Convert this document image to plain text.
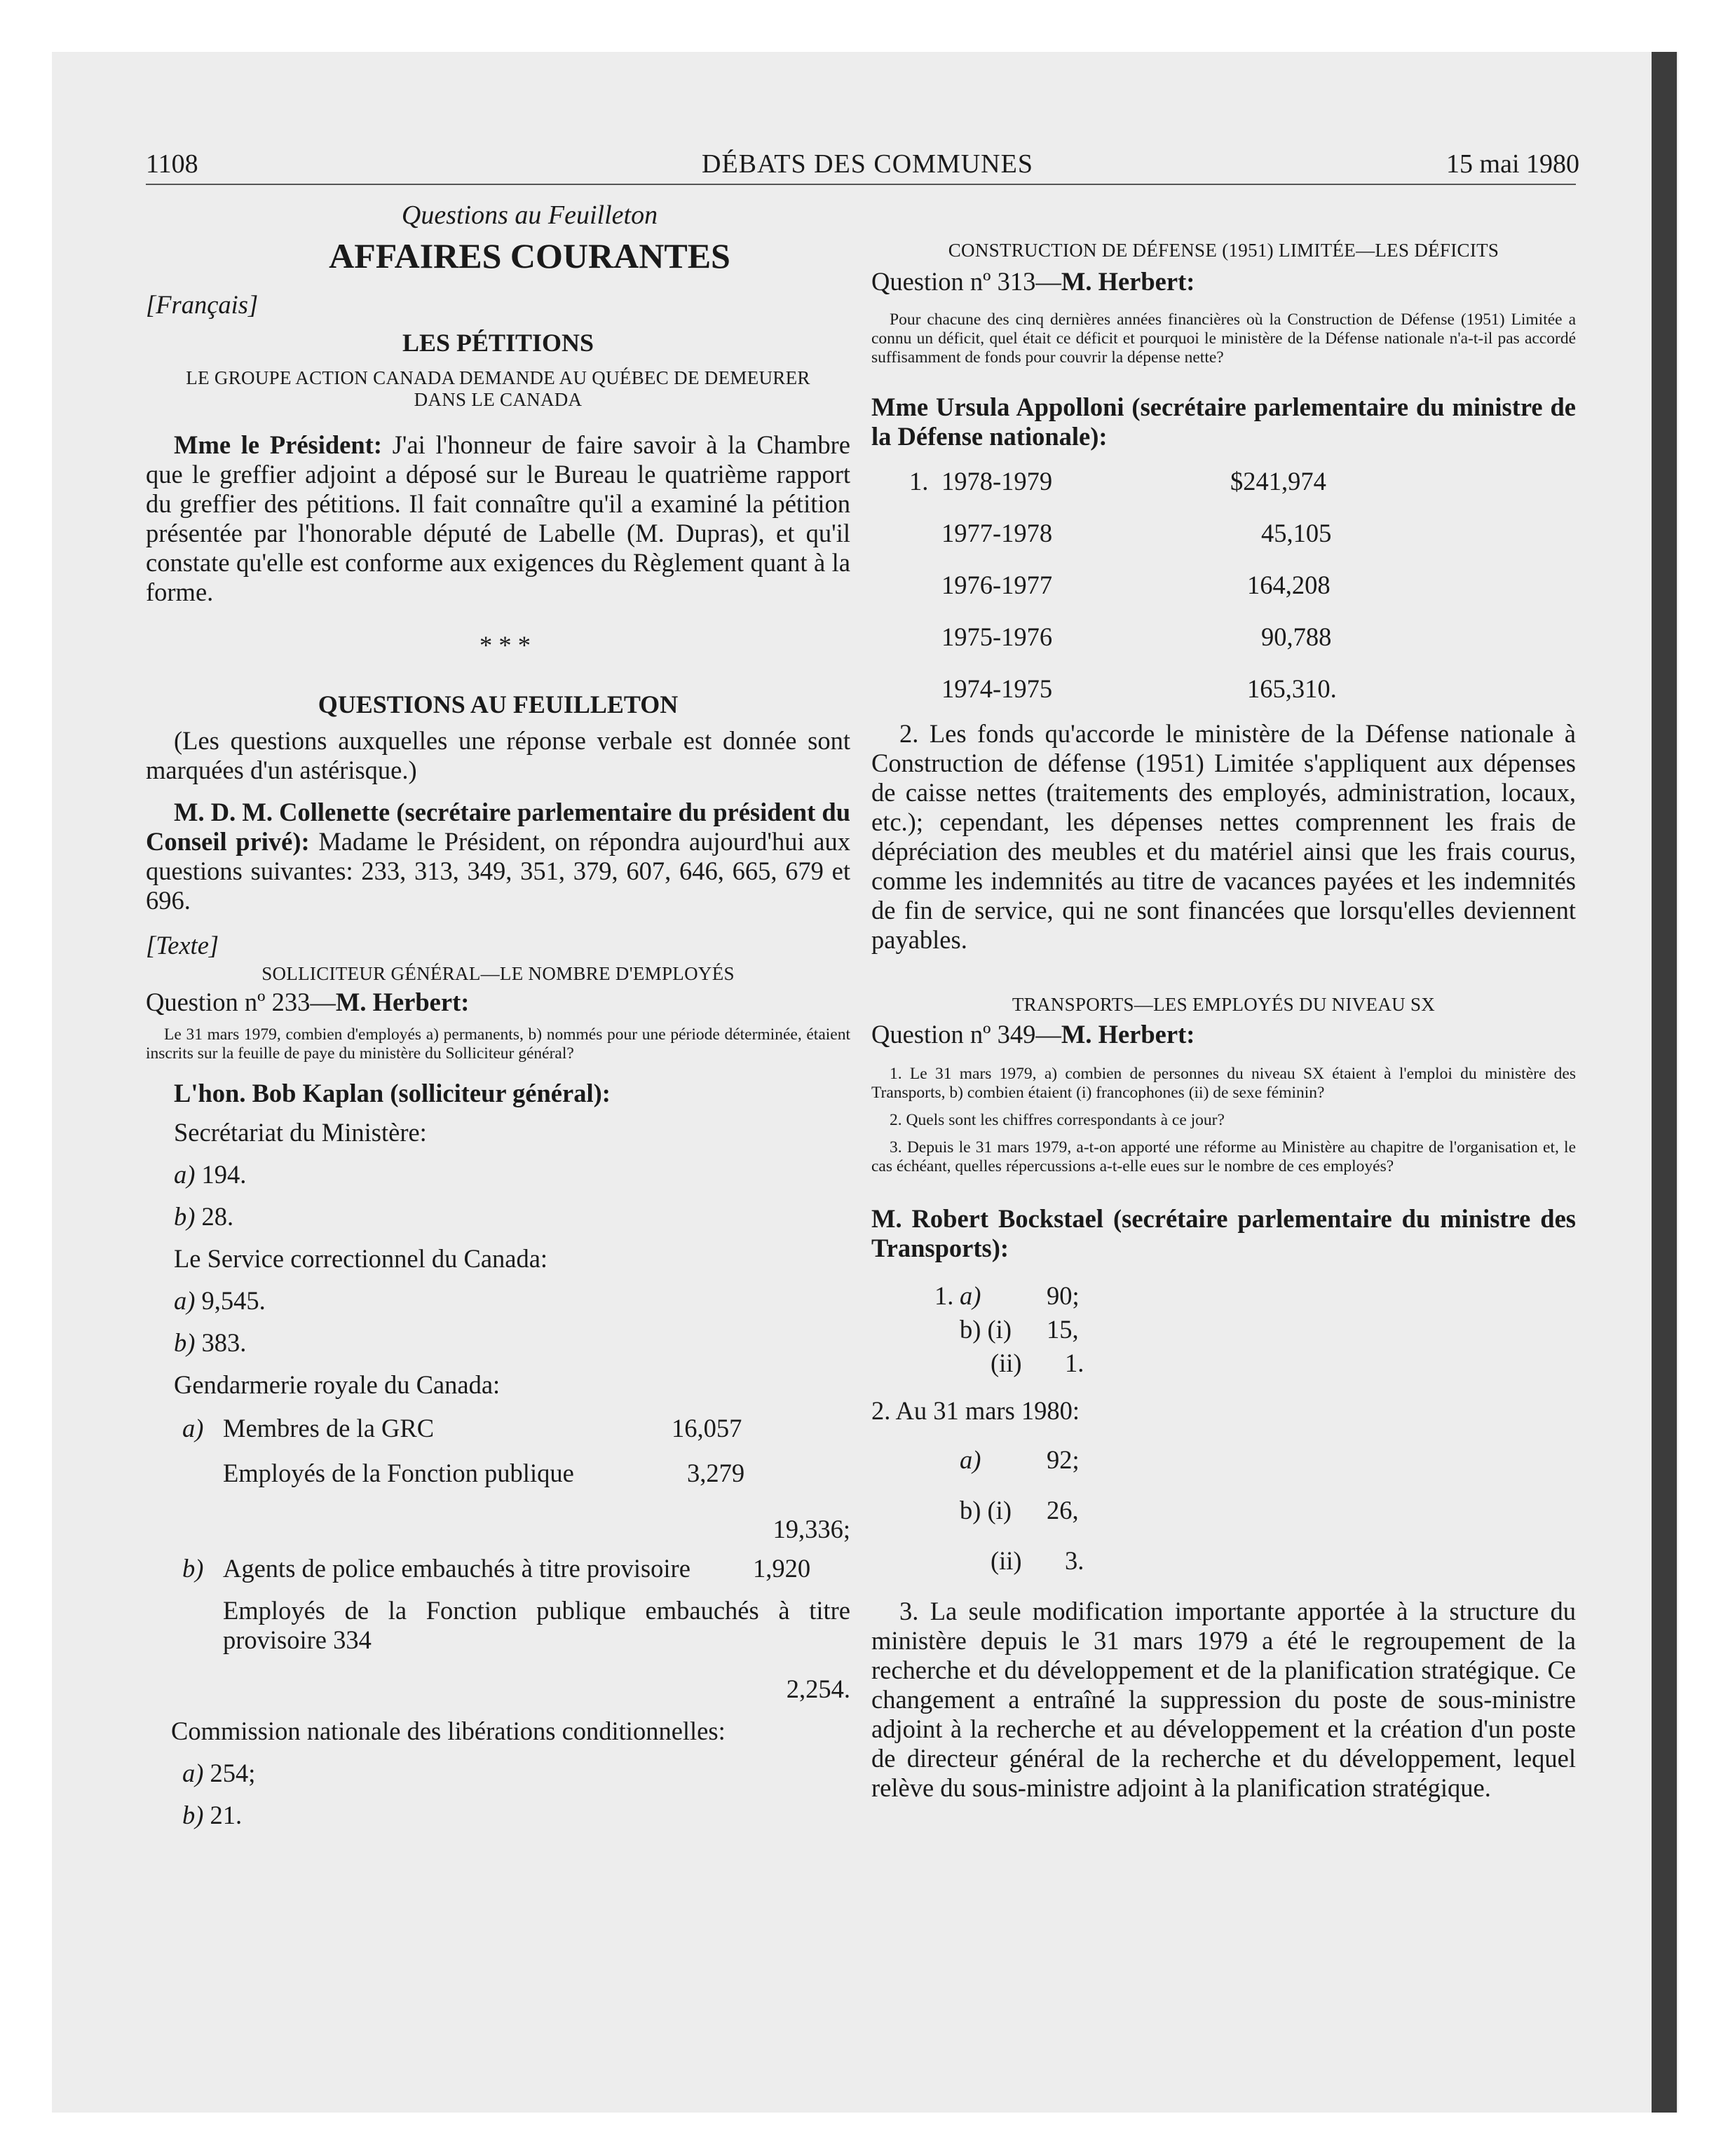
1108	DÉBATS DES COMMUNES	15 mai 1980
Questions au Feuilleton
AFFAIRES COURANTES
[Français]
LES PÉTITIONS
LE GROUPE ACTION CANADA DEMANDE AU QUÉBEC DE DEMEURER DANS LE CANADA

Mme le Président: J'ai l'honneur de faire savoir à la Chambre que le greffier adjoint a déposé sur le Bureau le quatrième rapport du greffier des pétitions. Il fait connaître qu'il a examiné la pétition présentée par l'honorable député de Labelle (M. Dupras), et qu'il constate qu'elle est conforme aux exigences du Règlement quant à la forme.

* * *
QUESTIONS AU FEUILLETON

(Les questions auxquelles une réponse verbale est donnée sont marquées d'un astérisque.)

M. D. M. Collenette (secrétaire parlementaire du président du Conseil privé): Madame le Président, on répondra aujourd'hui aux questions suivantes: 233, 313, 349, 351, 379, 607, 646, 665, 679 et 696.

[Texte]
SOLLICITEUR GÉNÉRAL—LE NOMBRE D'EMPLOYÉS
Question nº 233—M. Herbert:

Le 31 mars 1979, combien d'employés a) permanents, b) nommés pour une période déterminée, étaient inscrits sur la feuille de paye du ministère du Solliciteur général?

L'hon. Bob Kaplan (solliciteur général):
Secrétariat du Ministère:
a) 194.
b) 28.
Le Service correctionnel du Canada:
a) 9,545.
b) 383.
Gendarmerie royale du Canada:
a) Membres de la GRC	16,057
Employés de la Fonction publique	3,279
19,336;
b) Agents de police embauchés à titre provisoire 1,920
Employés de la Fonction publique embauchés à titre provisoire 334
2,254.
Commission nationale des libérations conditionnelles:
a) 254;
b) 21.
CONSTRUCTION DE DÉFENSE (1951) LIMITÉE—LES DÉFICITS
Question nº 313—M. Herbert:

Pour chacune des cinq dernières années financières où la Construction de Défense (1951) Limitée a connu un déficit, quel était ce déficit et pourquoi le ministère de la Défense nationale n'a-t-il pas accordé suffisamment de fonds pour couvrir la dépense nette?

Mme Ursula Appolloni (secrétaire parlementaire du ministre de la Défense nationale):

1. 1978-1979	$241,974
1977-1978	45,105
1976-1977	164,208
1975-1976	90,788
1974-1975	165,310.

2. Les fonds qu'accorde le ministère de la Défense nationale à Construction de défense (1951) Limitée s'appliquent aux dépenses de caisse nettes (traitements des employés, administration, locaux, etc.); cependant, les dépenses nettes comprennent les frais de dépréciation des meubles et du matériel ainsi que les frais courus, comme les indemnités au titre de vacances payées et les indemnités de fin de service, qui ne sont financées que lorsqu'elles deviennent payables.

TRANSPORTS—LES EMPLOYÉS DU NIVEAU SX
Question nº 349—M. Herbert:

1. Le 31 mars 1979, a) combien de personnes du niveau SX étaient à l'emploi du ministère des Transports, b) combien étaient (i) francophones (ii) de sexe féminin?

2. Quels sont les chiffres correspondants à ce jour?

3. Depuis le 31 mars 1979, a-t-on apporté une réforme au Ministère au chapitre de l'organisation et, le cas échéant, quelles répercussions a-t-elle eues sur le nombre de ces employés?

M. Robert Bockstael (secrétaire parlementaire du ministre des Transports):

1. a)	90;
b) (i) 15,
(ii) 1.
2. Au 31 mars 1980:
a)	92;
b) (i) 26,
(ii) 3.

3. La seule modification importante apportée à la structure du ministère depuis le 31 mars 1979 a été le regroupement de la recherche et du développement et de la planification stratégique. Ce changement a entraîné la suppression du poste de sous-ministre adjoint à la recherche et au développement et la création d'un poste de directeur général de la recherche et du développement, lequel relève du sous-ministre adjoint à la planification stratégique.
